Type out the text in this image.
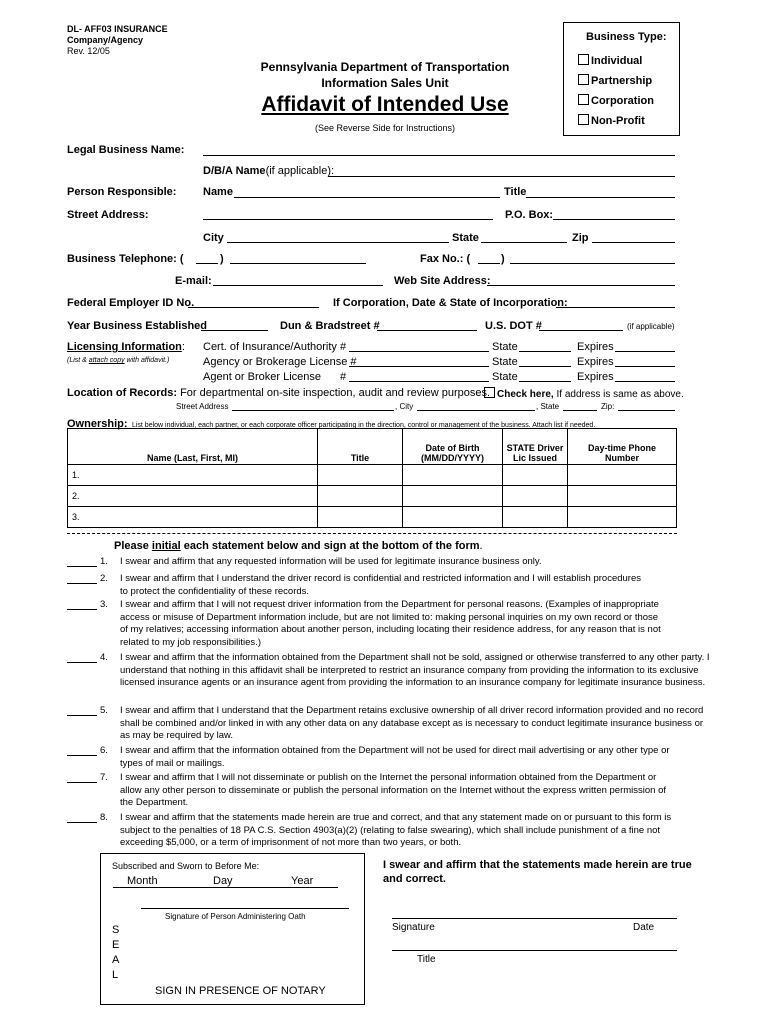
DL- AFF03 INSURANCE
Company/Agency
Rev. 12/05
Pennsylvania Department of Transportation
Information Sales Unit
Affidavit of Intended Use
(See Reverse Side for Instructions)
Business Type:
Individual
Partnership
Corporation
Non-Profit
Legal Business Name:
D/B/A Name(if applicable):
Person Responsible: Name	Title
Street Address:	P.O. Box:
City	State	Zip
Business Telephone: (	)	Fax No.: (	)
E-mail:	Web Site Address:
Federal Employer ID No.	If Corporation, Date & State of Incorporation:
Year Business Established	Dun & Bradstreet #	U.S. DOT #	(if applicable)
Licensing Information:
(List & attach copy with affidavit.)
Cert. of Insurance/Authority #	State	Expires
Agency or Brokerage License #	State	Expires
Agent or Broker License #	State	Expires
Location of Records: For departmental on-site inspection, audit and review purposes. Check here, If address is same as above.
Street Address	, City	, State	Zip:
Ownership: List below individual, each partner, or each corporate officer participating in the direction, control or management of the business. Attach list if needed.
Name (Last, First, MI)	Title	Date of Birth (MM/DD/YYYY)	STATE Driver Lic Issued	Day-time Phone Number
1.				
2.				
3.				
Please initial each statement below and sign at the bottom of the form.
1. I swear and affirm that any requested information will be used for legitimate insurance business only.
2. I swear and affirm that I understand the driver record is confidential and restricted information and I will establish procedures to protect the confidentiality of these records.
3. I swear and affirm that I will not request driver information from the Department for personal reasons. (Examples of inappropriate access or misuse of Department information include, but are not limited to: making personal inquiries on my own record or those of my relatives; accessing information about another person, including locating their residence address, for any reason that is not related to my job responsibilities.)
4. I swear and affirm that the information obtained from the Department shall not be sold, assigned or otherwise transferred to any other party. I understand that nothing in this affidavit shall be interpreted to restrict an insurance company from providing the information to its exclusive licensed insurance agents or an insurance agent from providing the information to an insurance company for legitimate insurance business.
5. I swear and affirm that I understand that the Department retains exclusive ownership of all driver record information provided and no record shall be combined and/or linked in with any other data on any database except as is necessary to conduct legitimate insurance business or as may be required by law.
6. I swear and affirm that the information obtained from the Department will not be used for direct mail advertising or any other type or types of mail or mailings.
7. I swear and affirm that I will not disseminate or publish on the Internet the personal information obtained from the Department or allow any other person to disseminate or publish the personal information on the Internet without the express written permission of the Department.
8. I swear and affirm that the statements made herein are true and correct, and that any statement made on or pursuant to this form is subject to the penalties of 18 PA C.S. Section 4903(a)(2) (relating to false swearing), which shall include punishment of a fine not exceeding $5,000, or a term of imprisonment of not more than two years, or both.
Subscribed and Sworn to Before Me:
Month	Day	Year
Signature of Person Administering Oath
S
E
A
L
SIGN IN PRESENCE OF NOTARY
I swear and affirm that the statements made herein are true and correct.
Signature	Date
Title
